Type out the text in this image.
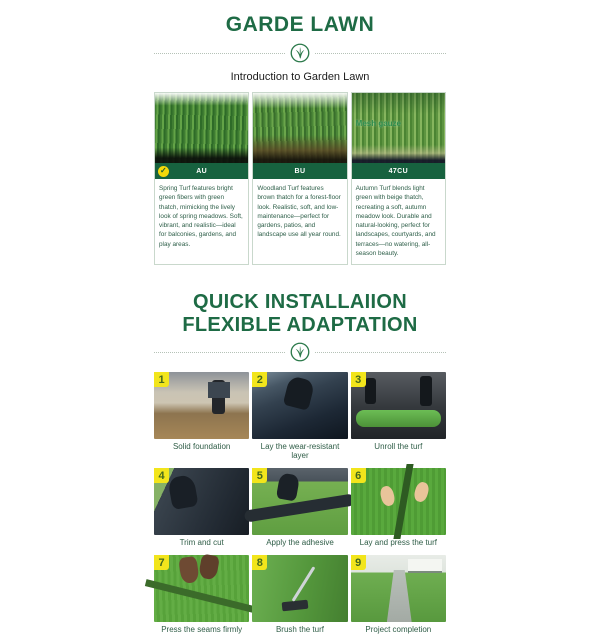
GARDE LAWN
Introduction to Garden Lawn
✓	AU
Spring Turf features bright green fibers with green thatch, mimicking the lively look of spring meadows. Soft, vibrant, and realistic—ideal for balconies, gardens, and play areas.
BU
Woodland Turf features brown thatch for a forest-floor look. Realistic, soft, and low-maintenance—perfect for gardens, patios, and landscape use all year round.
Mesh gauze
47CU
Autumn Turf blends light green with beige thatch, recreating a soft, autumn meadow look. Durable and natural-looking, perfect for landscapes, courtyards, and terraces—no watering, all-season beauty.
QUICK INSTALLAIION
FLEXIBLE ADAPTATION
1
Solid foundation
2
Lay the wear-resistant layer
3
Unroll the turf
4
Trim and cut
5
Apply the adhesive
6
Lay and press the turf
7
Press the seams firmly
8
Brush the turf
9
Project completion
